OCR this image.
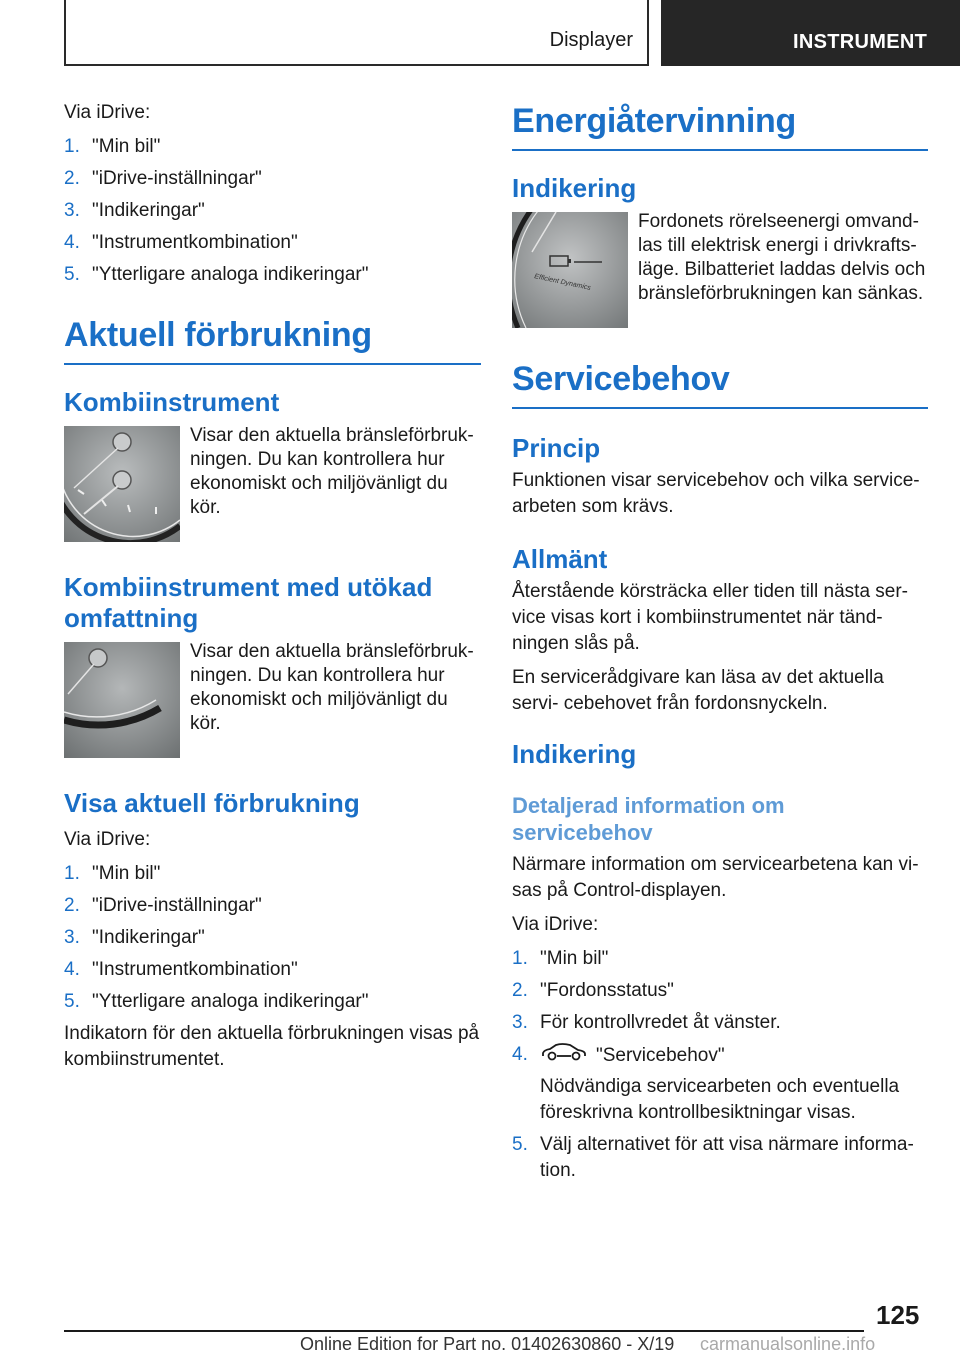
Displayer	INSTRUMENT

Via iDrive:

1. "Min bil"
2. "iDrive-inställningar"
3. "Indikeringar"
4. "Instrumentkombination"
5. "Ytterligare analoga indikeringar"
Aktuell förbrukning
Kombiinstrument

Visar den aktuella bränsleförbruk- ningen. Du kan kontrollera hur ekonomiskt och miljövänligt du kör.

Kombiinstrument med utökad omfattning

Visar den aktuella bränsleförbruk- ningen. Du kan kontrollera hur ekonomiskt och miljövänligt du kör.

Visa aktuell förbrukning

Via iDrive:

1. "Min bil"
2. "iDrive-inställningar"
3. "Indikeringar"
4. "Instrumentkombination"
5. "Ytterligare analoga indikeringar"

Indikatorn för den aktuella förbrukningen visas på kombiinstrumentet.

Energiåtervinning
Indikering
Efficient Dynamics

Fordonets rörelseenergi omvand- las till elektrisk energi i drivkrafts- läge. Bilbatteriet laddas delvis och bränsleförbrukningen kan sänkas.

Servicebehov
Princip

Funktionen visar servicebehov och vilka service- arbeten som krävs.

Allmänt

Återstående körsträcka eller tiden till nästa ser- vice visas kort i kombiinstrumentet när tänd- ningen slås på.

En servicerådgivare kan läsa av det aktuella servi- cebehovet från fordonsnyckeln.

Indikering
Detaljerad information om servicebehov

Närmare information om servicearbetena kan vi- sas på Control-displayen.

Via iDrive:

1. "Min bil"
2. "Fordonsstatus"
3. För kontrollvredet åt vänster.
4.	"Servicebehov"
Nödvändiga servicearbeten och eventuella föreskrivna kontrollbesiktningar visas.
5. Välj alternativet för att visa närmare informa- tion.
125
Online Edition for Part no. 01402630860 - X/19 carmanualsonline.info
